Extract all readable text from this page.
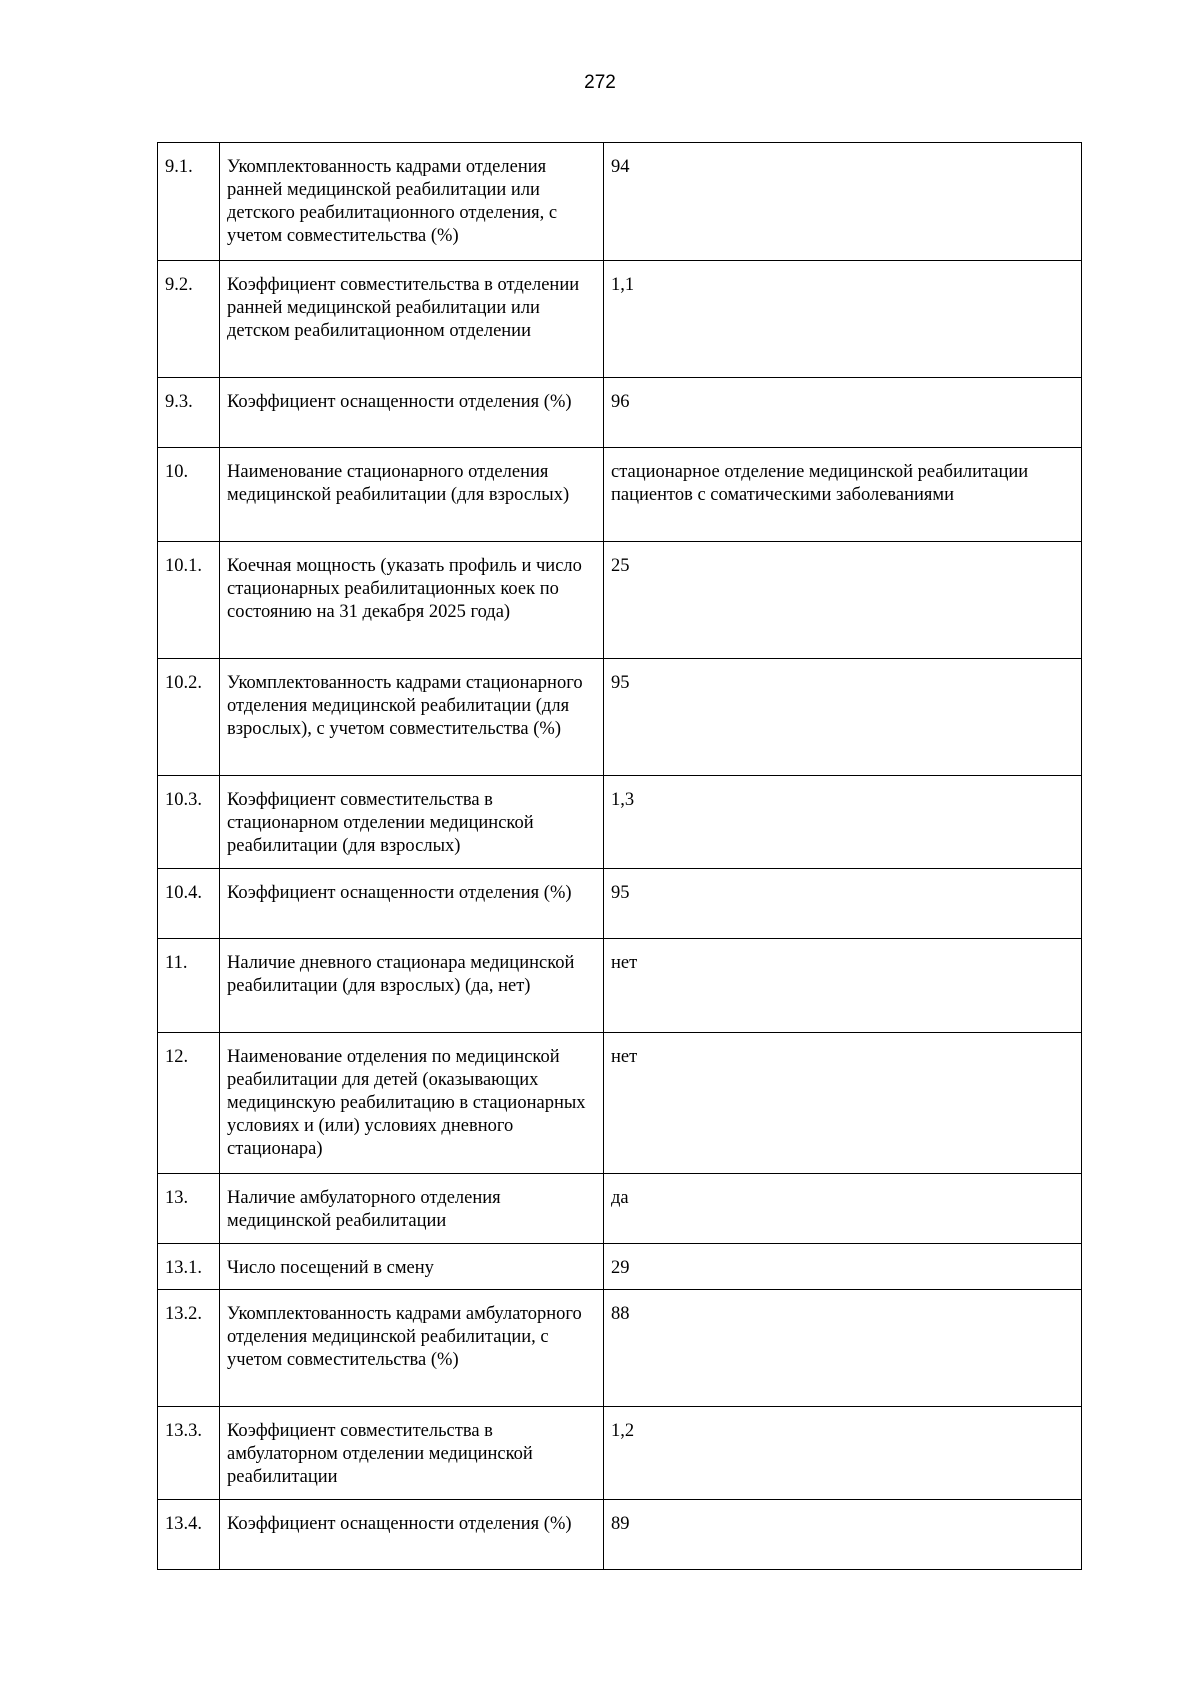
272
9.1.	Укомплектованность кадрами отделения ранней медицинской реабилитации или детского реабилитационного отделения, с учетом совместительства (%)	94
9.2.	Коэффициент совместительства в отделении ранней медицинской реабилитации или детском реабилитационном отделении	1,1
9.3.	Коэффициент оснащенности отделения (%)	96
10.	Наименование стационарного отделения медицинской реабилитации (для взрослых)	стационарное отделение медицинской реабилитации пациентов с соматическими заболеваниями
10.1.	Коечная мощность (указать профиль и число стационарных реабилитационных коек по состоянию на 31 декабря 2025 года)	25
10.2.	Укомплектованность кадрами стационарного отделения медицинской реабилитации (для взрослых), с учетом совместительства (%)	95
10.3.	Коэффициент совместительства в стационарном отделении медицинской реабилитации (для взрослых)	1,3
10.4.	Коэффициент оснащенности отделения (%)	95
11.	Наличие дневного стационара медицинской реабилитации (для взрослых) (да, нет)	нет
12.	Наименование отделения по медицинской реабилитации для детей (оказывающих медицинскую реабилитацию в стационарных условиях и (или) условиях дневного стационара)	нет
13.	Наличие амбулаторного отделения медицинской реабилитации	да
13.1.	Число посещений в смену	29
13.2.	Укомплектованность кадрами амбулаторного отделения медицинской реабилитации, с учетом совместительства (%)	88
13.3.	Коэффициент совместительства в амбулаторном отделении медицинской реабилитации	1,2
13.4.	Коэффициент оснащенности отделения (%)	89
